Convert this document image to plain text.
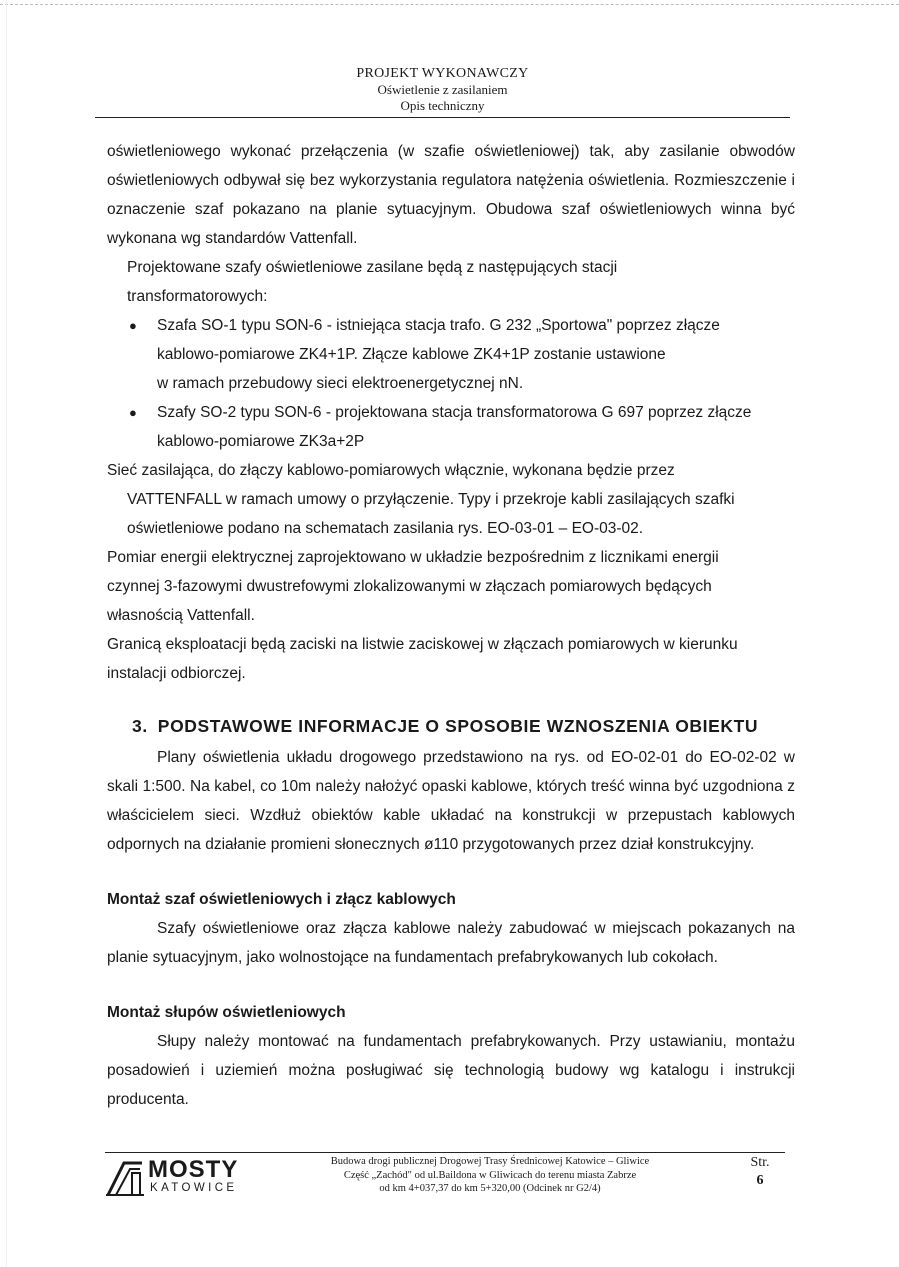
PROJEKT WYKONAWCZY
Oświetlenie z zasilaniem
Opis techniczny

oświetleniowego wykonać przełączenia (w szafie oświetleniowej) tak, aby zasilanie obwodów oświetleniowych odbywał się bez wykorzystania regulatora natężenia oświetlenia. Rozmieszczenie i oznaczenie szaf pokazano na planie sytuacyjnym. Obudowa szaf oświetleniowych winna być wykonana wg standardów Vattenfall.

Projektowane szafy oświetleniowe zasilane będą z następujących stacji

transformatorowych:

● Szafa SO-1 typu SON-6 - istniejąca stacja trafo. G 232 „Sportowa" poprzez złącze
kablowo-pomiarowe ZK4+1P. Złącze kablowe ZK4+1P zostanie ustawione
w ramach przebudowy sieci elektroenergetycznej nN.
● Szafy SO-2 typu SON-6 - projektowana stacja transformatorowa G 697 poprzez złącze
kablowo-pomiarowe ZK3a+2P

Sieć zasilająca, do złączy kablowo-pomiarowych włącznie, wykonana będzie przez

VATTENFALL w ramach umowy o przyłączenie. Typy i przekroje kabli zasilających szafki

oświetleniowe podano na schematach zasilania rys. EO-03-01 – EO-03-02.

Pomiar energii elektrycznej zaprojektowano w układzie bezpośrednim z licznikami energii

czynnej 3-fazowymi dwustrefowymi zlokalizowanymi w złączach pomiarowych będących

własnością Vattenfall.

Granicą eksploatacji będą zaciski na listwie zaciskowej w złączach pomiarowych w kierunku

instalacji odbiorczej.

3. PODSTAWOWE INFORMACJE O SPOSOBIE WZNOSZENIA OBIEKTU

Plany oświetlenia układu drogowego przedstawiono na rys. od EO-02-01 do EO-02-02 w skali 1:500. Na kabel, co 10m należy nałożyć opaski kablowe, których treść winna być uzgodniona z właścicielem sieci. Wzdłuż obiektów kable układać na konstrukcji w przepustach kablowych odpornych na działanie promieni słonecznych ø110 przygotowanych przez dział konstrukcyjny.

Montaż szaf oświetleniowych i złącz kablowych

Szafy oświetleniowe oraz złącza kablowe należy zabudować w miejscach pokazanych na planie sytuacyjnym, jako wolnostojące na fundamentach prefabrykowanych lub cokołach.

Montaż słupów oświetleniowych

Słupy należy montować na fundamentach prefabrykowanych. Przy ustawianiu, montażu posadowień i uziemień można posługiwać się technologią budowy wg katalogu i instrukcji producenta.

MOSTY
KATOWICE
Budowa drogi publicznej Drogowej Trasy Średnicowej Katowice – Gliwice
Część „Zachód" od ul.Baildona w Gliwicach do terenu miasta Zabrze
od km 4+037,37 do km 5+320,00 (Odcinek nr G2/4)
Str.
6
